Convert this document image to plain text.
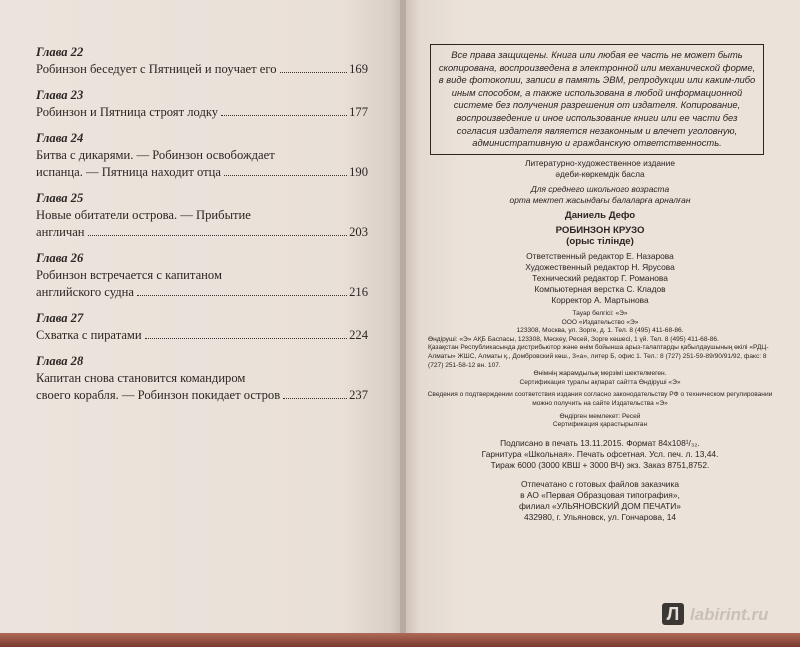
Глава 22
Робинзон беседует с Пятницей и поучает его	169
Глава 23
Робинзон и Пятница строят лодку	177
Глава 24
Битва с дикарями. — Робинзон освобождает
испанца. — Пятница находит отца	190
Глава 25
Новые обитатели острова. — Прибытие
англичан	203
Глава 26
Робинзон встречается с капитаном
английского судна	216
Глава 27
Схватка с пиратами	224
Глава 28
Капитан снова становится командиром
своего корабля. — Робинзон покидает остров	237
Все права защищены. Книга или любая ее часть не может быть скопирована, воспроизведена в электронной или механической форме, в виде фотокопии, записи в память ЭВМ, репродукции или каким-либо иным способом, а также использована в любой информационной системе без получения разрешения от издателя. Копирование, воспроизведение и иное использование книги или ее части без согласия издателя является незаконным и влечет уголовную, административную и гражданскую ответственность.

Литературно-художественное издание

әдеби-көркемдік басла

Для среднего школьного возраста

орта мектеп жасындағы балаларға арналған

Даниель Дефо

РОБИНЗОН КРУЗО

(орыс тілінде)

Ответственный редактор Е. Назарова

Художественный редактор Н. Ярусова

Технический редактор Г. Романова

Компьютерная верстка С. Кладов

Корректор А. Мартынова

Тауар белгісі: «Э»

ООО «Издательство «Э»

123308, Москва, ул. Зорге, д. 1. Тел. 8 (495) 411-68-86.

Өндіруші: «Э» АҚБ Баспасы, 123308, Мәскеу, Ресей, Зорге көшесі, 1 үй. Тел. 8 (495) 411-68-86.

Қазақстан Республикасында дистрибьютор және өнім бойынша арыз-талаптарды қабылдаушының өкілі «РДЦ-Алматы» ЖШС, Алматы қ., Домбровский көш., 3«а», литер Б, офис 1. Тел.: 8 (727) 251-59-89/90/91/92, факс: 8 (727) 251-58-12 вн. 107.

Өнімнің жарамдылық мерзімі шектелмеген.

Сертификация туралы ақпарат сайтта Өндіруші «Э»

Сведения о подтверждении соответствия издания согласно законодательству РФ о техническом регулировании можно получить на сайте Издательства «Э»

Өндірген мемлекет: Ресей

Сертификация қарастырылған

Подписано в печать 13.11.2015. Формат 84x108¹/₃₂.

Гарнитура «Школьная». Печать офсетная. Усл. печ. л. 13,44.

Тираж 6000 (3000 КВШ + 3000 ВЧ) экз. Заказ 8751,8752.

Отпечатано с готовых файлов заказчика

в АО «Первая Образцовая типография»,

филиал «УЛЬЯНОВСКИЙ ДОМ ПЕЧАТИ»

432980, г. Ульяновск, ул. Гончарова, 14

Л labirint.ru
